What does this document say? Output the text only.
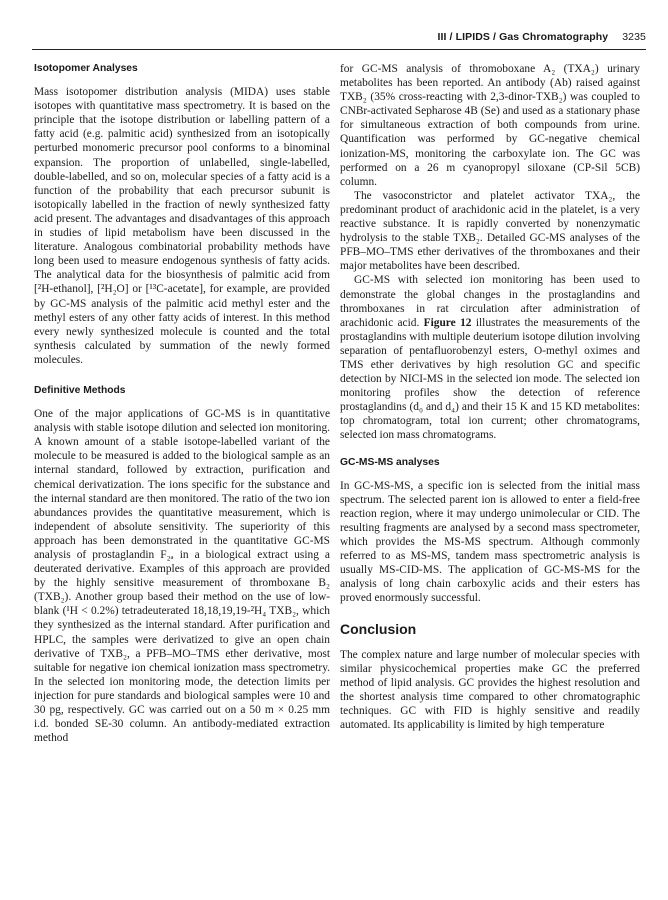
III / LIPIDS / Gas Chromatography 3235
Isotopomer Analyses

Mass isotopomer distribution analysis (MIDA) uses stable isotopes with quantitative mass spectrometry. It is based on the principle that the isotope distribution or labelling pattern of a fatty acid (e.g. palmitic acid) synthesized from an isotopically perturbed monomeric precursor pool conforms to a binominal expansion. The proportion of unlabelled, single-labelled, double-labelled, and so on, molecular species of a fatty acid is a function of the probability that each precursor subunit is isotopically labelled in the fraction of newly synthesized fatty acid present. The advantages and disadvantages of this approach in studies of lipid metabolism have been discussed in the literature. Analogous combinatorial probability methods have long been used to measure endogenous synthesis of fatty acids. The analytical data for the biosynthesis of palmitic acid from [²H-ethanol], [²H₂O] or [¹³C-acetate], for example, are provided by GC-MS analysis of the palmitic acid methyl ester and the methyl esters of any other fatty acids of interest. In this method every newly synthesized molecule is counted and the total synthesis calculated by summation of the newly formed molecules.

Definitive Methods

One of the major applications of GC-MS is in quantitative analysis with stable isotope dilution and selected ion monitoring. A known amount of a stable isotope-labelled variant of the molecule to be measured is added to the biological sample as an internal standard, followed by extraction, purification and chemical derivatization. The ions specific for the substance and the internal standard are then monitored. The ratio of the two ion abundances provides the quantitative measurement, which is independent of absolute sensitivity. The superiority of this approach has been demonstrated in the quantitative GC-MS analysis of prostaglandin F₂ₐ in a biological extract using a deuterated derivative. Examples of this approach are provided by the highly sensitive measurement of thromboxane B₂ (TXB₂). Another group based their method on the use of low-blank (¹H < 0.2%) tetradeuterated 18,18,19,19-²H₄ TXB₂, which they synthesized as the internal standard. After purification and HPLC, the samples were derivatized to give an open chain derivative of TXB₂, a PFB–MO–TMS ether derivative, most suitable for negative ion chemical ionization mass spectrometry. In the selected ion monitoring mode, the detection limits per injection for pure standards and biological samples were 10 and 30 pg, respectively. GC was carried out on a 50 m × 0.25 mm i.d. bonded SE-30 column. An antibody-mediated extraction method

for GC-MS analysis of thromoboxane A₂ (TXA₂) urinary metabolites has been reported. An antibody (Ab) raised against TXB₂ (35% cross-reacting with 2,3-dinor-TXB₂) was coupled to CNBr-activated Sepharose 4B (Se) and used as a stationary phase for simultaneous extraction of both compounds from urine. Quantification was performed by GC-negative chemical ionization-MS, monitoring the carboxylate ion. The GC was performed on a 26 m cyanopropyl siloxane (CP-Sil 5CB) column.

The vasoconstrictor and platelet activator TXA₂, the predominant product of arachidonic acid in the platelet, is a very reactive substance. It is rapidly converted by nonenzymatic hydrolysis to the stable TXB₂. Detailed GC-MS analyses of the PFB–MO–TMS ether derivatives of the thromboxanes and their major metabolites have been described.

GC-MS with selected ion monitoring has been used to demonstrate the global changes in the prostaglandins and thromboxanes in rat circulation after administration of arachidonic acid. Figure 12 illustrates the measurements of the prostaglandins with multiple deuterium isotope dilution involving separation of pentafluorobenzyl esters, O-methyl oximes and TMS ether derivatives by high resolution GC and specific detection by NICI-MS in the selected ion mode. The selected ion monitoring profiles show the detection of reference prostaglandins (d₀ and d₄) and their 15 K and 15 KD metabolites: top chromatogram, total ion current; other chromatograms, selected ion mass chromatograms.

GC-MS-MS analyses

In GC-MS-MS, a specific ion is selected from the initial mass spectrum. The selected parent ion is allowed to enter a field-free reaction region, where it may undergo unimolecular or CID. The resulting fragments are analysed by a second mass spectrometer, which provides the MS-MS spectrum. Although commonly referred to as MS-MS, tandem mass spectrometric analysis is usually MS-CID-MS. The application of GC-MS-MS for the analysis of long chain carboxylic acids and their esters has proved enormously successful.

Conclusion

The complex nature and large number of molecular species with similar physicochemical properties make GC the preferred method of lipid analysis. GC provides the highest resolution and the shortest analysis time compared to other chromatographic techniques. GC with FID is highly sensitive and readily automated. Its applicability is limited by high temperature
